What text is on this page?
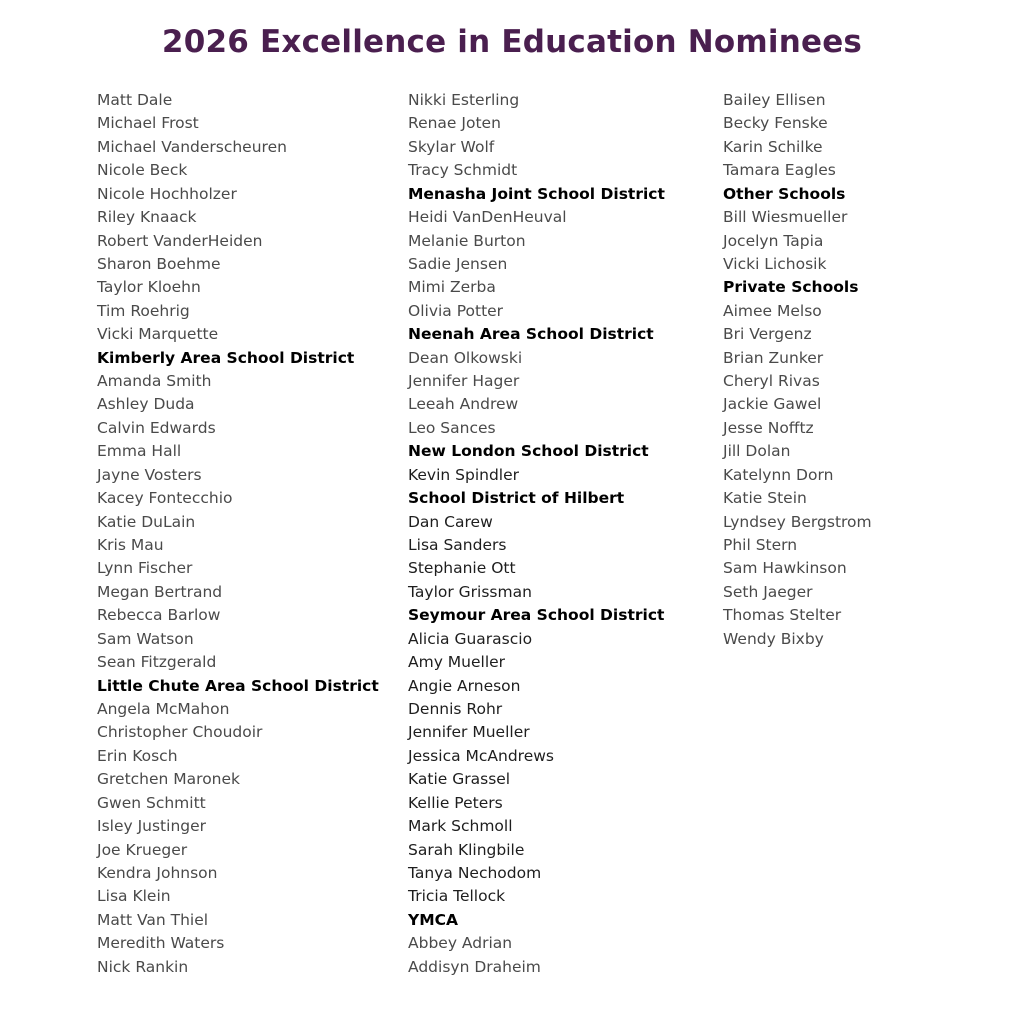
2026 Excellence in Education Nominees
Matt Dale
Michael Frost
Michael Vanderscheuren
Nicole Beck
Nicole Hochholzer
Riley Knaack
Robert VanderHeiden
Sharon Boehme
Taylor Kloehn
Tim Roehrig
Vicki Marquette
Kimberly Area School District
Amanda Smith
Ashley Duda
Calvin Edwards
Emma Hall
Jayne Vosters
Kacey Fontecchio
Katie DuLain
Kris Mau
Lynn Fischer
Megan Bertrand
Rebecca Barlow
Sam Watson
Sean Fitzgerald
Little Chute Area School District
Angela McMahon
Christopher Choudoir
Erin Kosch
Gretchen Maronek
Gwen Schmitt
Isley Justinger
Joe Krueger
Kendra Johnson
Lisa Klein
Matt Van Thiel
Meredith Waters
Nick Rankin
Nikki Esterling
Renae Joten
Skylar Wolf
Tracy Schmidt
Menasha Joint School District
Heidi VanDenHeuval
Melanie Burton
Sadie Jensen
Mimi Zerba
Olivia Potter
Neenah Area School District
Dean Olkowski
Jennifer Hager
Leeah Andrew
Leo Sances
New London School District
Kevin Spindler
School District of Hilbert
Dan Carew
Lisa Sanders
Stephanie Ott
Taylor Grissman
Seymour Area School District
Alicia Guarascio
Amy Mueller
Angie Arneson
Dennis Rohr
Jennifer Mueller
Jessica McAndrews
Katie Grassel
Kellie Peters
Mark Schmoll
Sarah Klingbile
Tanya Nechodom
Tricia Tellock
YMCA
Abbey Adrian
Addisyn Draheim
Bailey Ellisen
Becky Fenske
Karin Schilke
Tamara Eagles
Other Schools
Bill Wiesmueller
Jocelyn Tapia
Vicki Lichosik
Private Schools
Aimee Melso
Bri Vergenz
Brian Zunker
Cheryl Rivas
Jackie Gawel
Jesse Nofftz
Jill Dolan
Katelynn Dorn
Katie Stein
Lyndsey Bergstrom
Phil Stern
Sam Hawkinson
Seth Jaeger
Thomas Stelter
Wendy Bixby
